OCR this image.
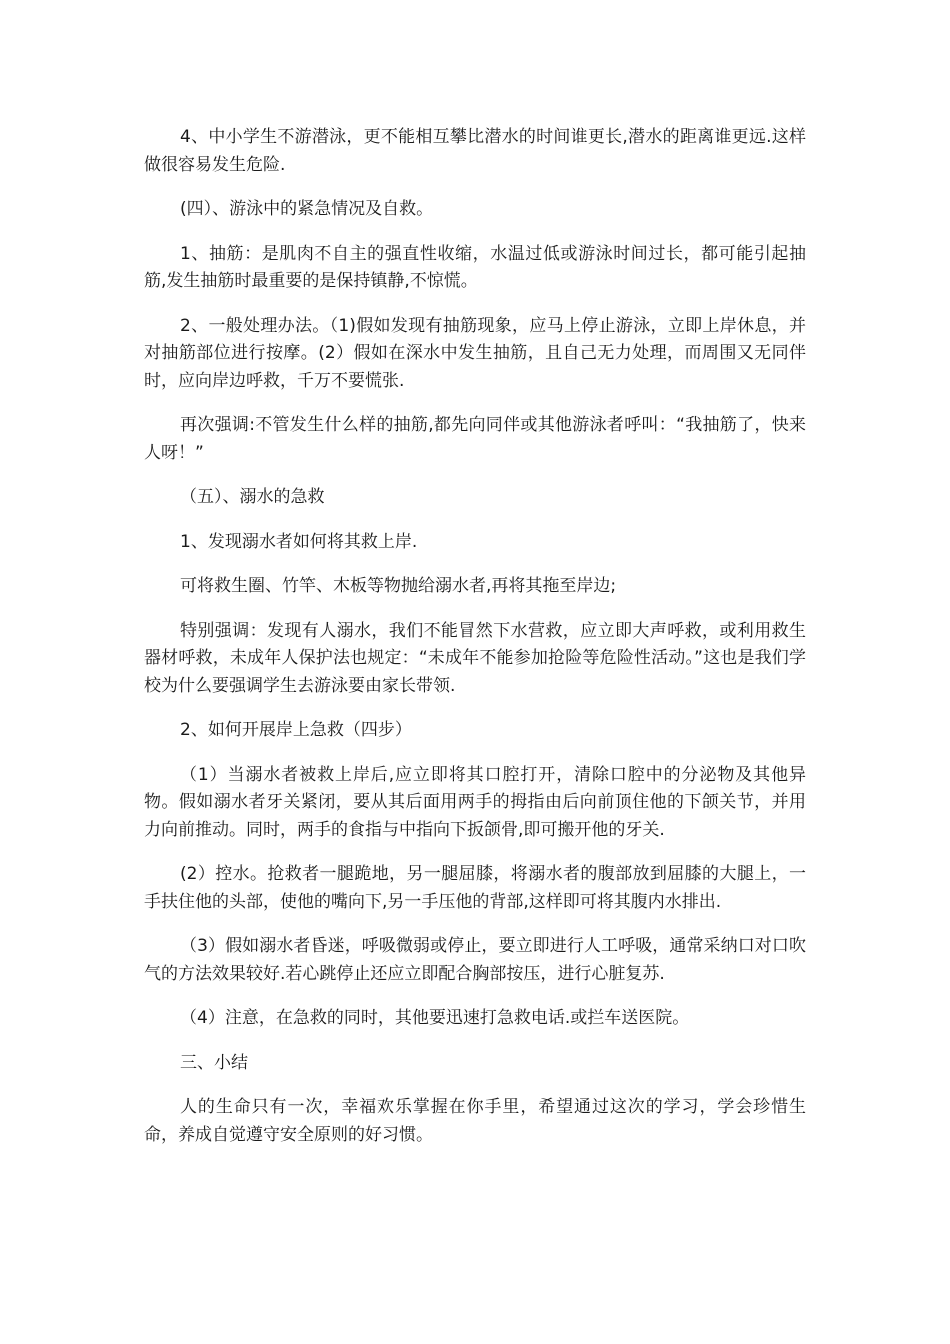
4、中小学生不游潜泳，更不能相互攀比潜水的时间谁更长,潜水的距离谁更远.这样做很容易发生危险.

(四）、游泳中的紧急情况及自救。

1、抽筋：是肌肉不自主的强直性收缩，水温过低或游泳时间过长，都可能引起抽筋,发生抽筋时最重要的是保持镇静,不惊慌。

2、一般处理办法。（1)假如发现有抽筋现象，应马上停止游泳，立即上岸休息，并对抽筋部位进行按摩。(2）假如在深水中发生抽筋，且自己无力处理，而周围又无同伴时，应向岸边呼救，千万不要慌张.

再次强调:不管发生什么样的抽筋,都先向同伴或其他游泳者呼叫：“我抽筋了，快来人呀！”

（五）、溺水的急救

1、发现溺水者如何将其救上岸.

可将救生圈、竹竿、木板等物抛给溺水者,再将其拖至岸边;

特别强调：发现有人溺水，我们不能冒然下水营救，应立即大声呼救，或利用救生器材呼救，未成年人保护法也规定：“未成年不能参加抢险等危险性活动。”这也是我们学校为什么要强调学生去游泳要由家长带领.

2、如何开展岸上急救（四步）

（1）当溺水者被救上岸后,应立即将其口腔打开，清除口腔中的分泌物及其他异物。假如溺水者牙关紧闭，要从其后面用两手的拇指由后向前顶住他的下颌关节，并用力向前推动。同时，两手的食指与中指向下扳颌骨,即可搬开他的牙关.

(2）控水。抢救者一腿跪地，另一腿屈膝，将溺水者的腹部放到屈膝的大腿上，一手扶住他的头部，使他的嘴向下,另一手压他的背部,这样即可将其腹内水排出.

（3）假如溺水者昏迷，呼吸微弱或停止，要立即进行人工呼吸，通常采纳口对口吹气的方法效果较好.若心跳停止还应立即配合胸部按压，进行心脏复苏.

（4）注意，在急救的同时，其他要迅速打急救电话.或拦车送医院。

三、小结

人的生命只有一次，幸福欢乐掌握在你手里，希望通过这次的学习，学会珍惜生命，养成自觉遵守安全原则的好习惯。
